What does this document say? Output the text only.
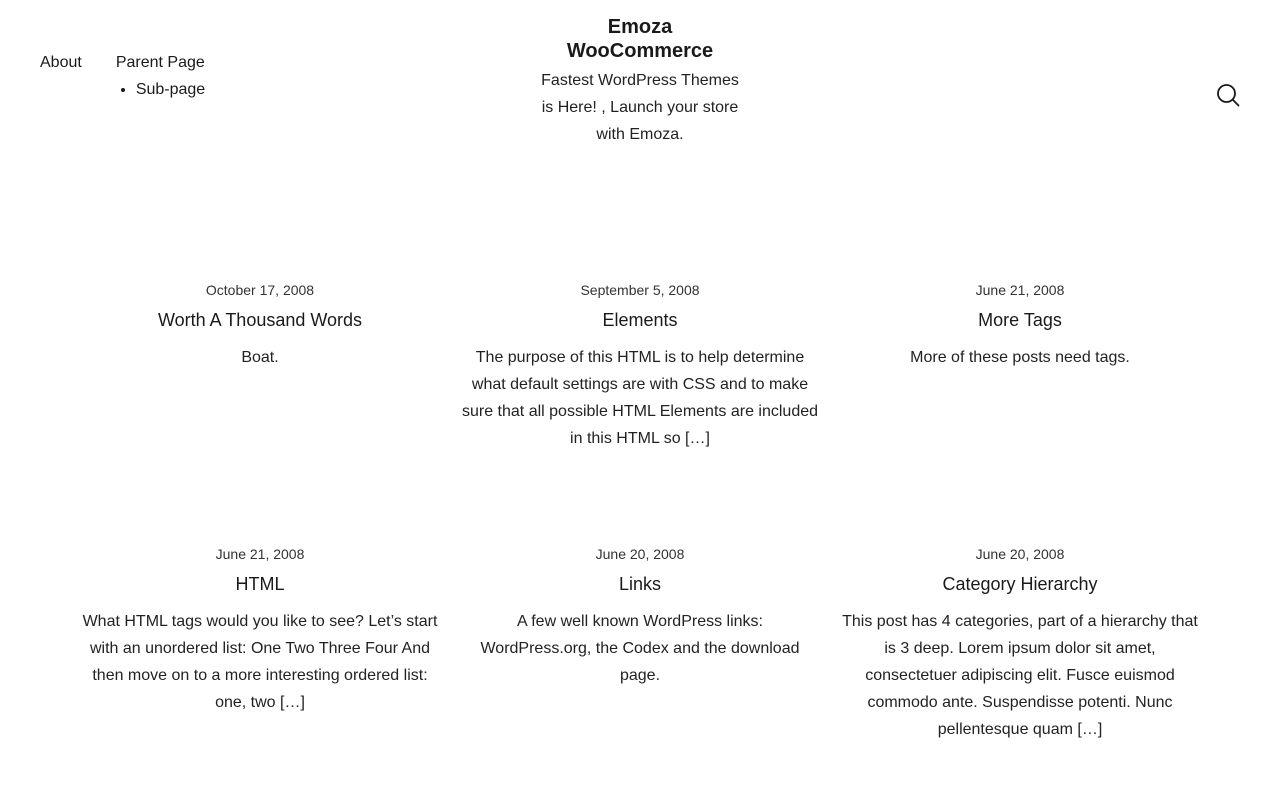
About Parent Page
• Sub-page

Emoza WooCommerce

Fastest WordPress Themes is Here! , Launch your store with Emoza.

October 17, 2008

Worth A Thousand Words

Boat.

September 5, 2008

Elements

The purpose of this HTML is to help determine what default settings are with CSS and to make sure that all possible HTML Elements are included in this HTML so […]

June 21, 2008

More Tags

More of these posts need tags.

June 21, 2008

HTML

What HTML tags would you like to see? Let’s start with an unordered list: One Two Three Four And then move on to a more interesting ordered list: one, two […]

June 20, 2008

Links

A few well known WordPress links: WordPress.org, the Codex and the download page.

June 20, 2008

Category Hierarchy

This post has 4 categories, part of a hierarchy that is 3 deep. Lorem ipsum dolor sit amet, consectetuer adipiscing elit. Fusce euismod commodo ante. Suspendisse potenti. Nunc pellentesque quam […]
